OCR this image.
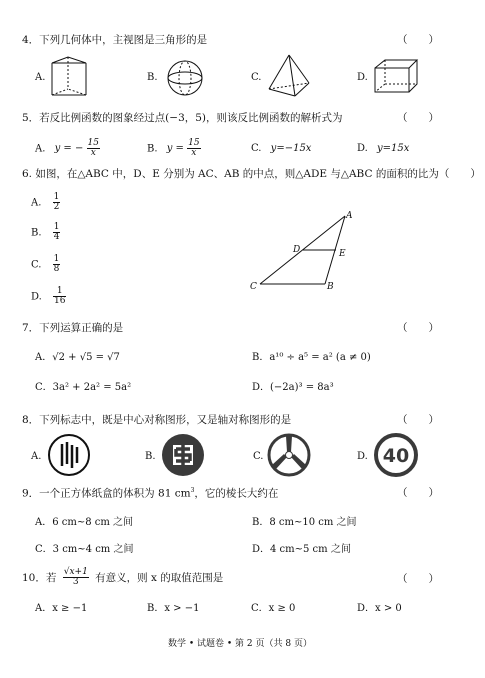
4．下列几何体中，主视图是三角形的是	（　　）
A.	B.	C.	D.
5．若反比例函数的图象经过点(−3，5)，则该反比例函数的解析式为	（　　）
A. y = − $\frac{15}{x}$	B. $y = \frac{15}{x}$	C. y=−15x	D. y=15x
6. 如图，在△ABC 中，D、E 分别为 AC、AB 的中点，则△ADE 与△ABC 的面积的比为（　　）
A. $\frac{1}{2}$
B. $\frac{1}{4}$
C. $\frac{1}{8}$
D. $\frac{1}{16}$
A
D	E
C	B
7．下列运算正确的是	（　　）
A．√2 + √5 = √7	B．a¹⁰ ÷ a⁵ = a² (a ≠ 0)
C．3a² + 2a² = 5a²	D．(−2a)³ = 8a³
8．下列标志中，既是中心对称图形，又是轴对称图形的是	（　　）
A.	B.	C.	D. 40
9．一个正方体纸盒的体积为 81 $cm^3$，它的棱长大约在	（　　）
A．6 cm~8 cm 之间	B．8 cm~10 cm 之间
C．3 cm~4 cm 之间	D．4 cm~5 cm 之间
10．若 $\frac{√x+1}{3}$ 有意义，则 x 的取值范围是	（　　）
A．x ≥ −1	B．x > −1	C．x ≥ 0	D．x > 0
数学 • 试题卷 • 第 2 页（共 8 页）
